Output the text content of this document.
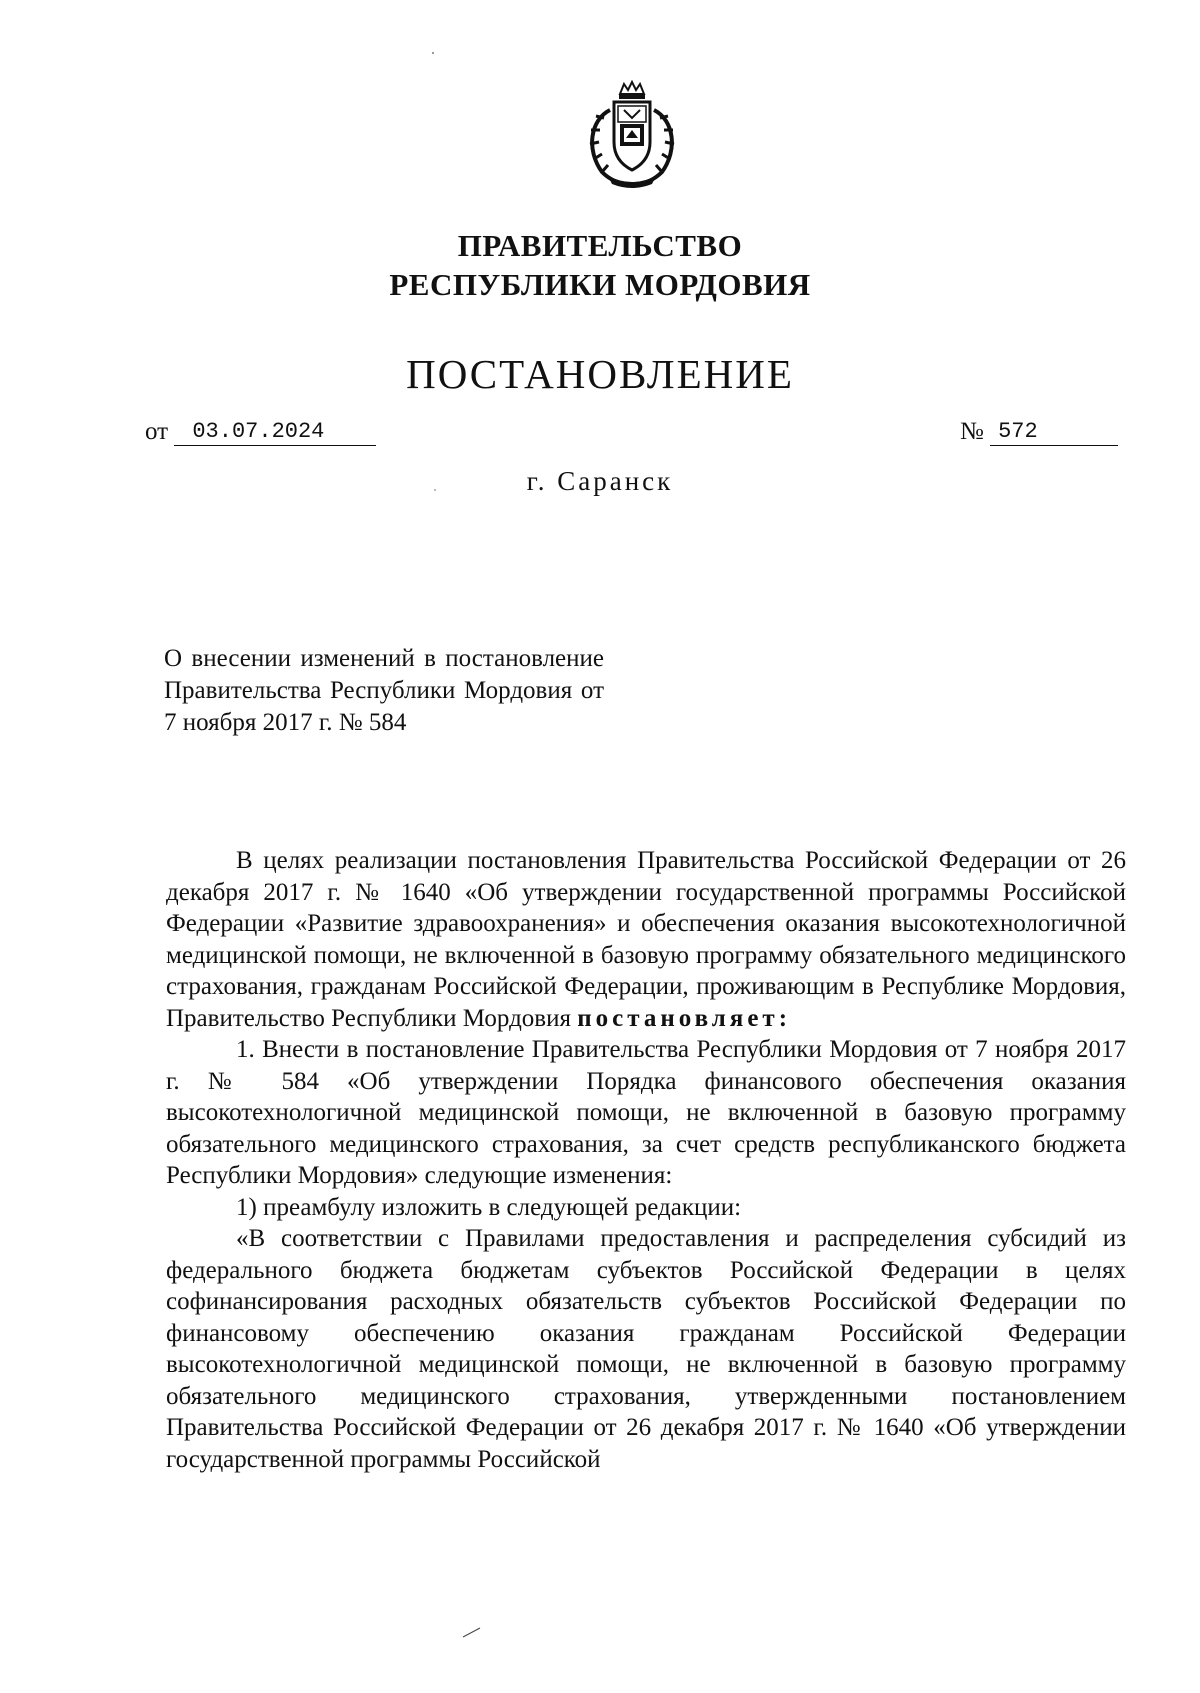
ПРАВИТЕЛЬСТВО
РЕСПУБЛИКИ МОРДОВИЯ
ПОСТАНОВЛЕНИЕ
от 03.07.2024	№ 572
г. Саранск
О внесении изменений в постановление Правительства Республики Мордовия от 7 ноября 2017 г. № 584

В целях реализации постановления Правительства Российской Федерации от 26 декабря 2017 г. № 1640 «Об утверждении государственной программы Российской Федерации «Развитие здравоохранения» и обеспечения оказания высокотехнологичной медицинской помощи, не включенной в базовую программу обязательного медицинского страхования, гражданам Российской Федерации, проживающим в Республике Мордовия, Правительство Республики Мордовия постановляет:

1. Внести в постановление Правительства Республики Мордовия от 7 ноября 2017 г. № 584 «Об утверждении Порядка финансового обеспечения оказания высокотехнологичной медицинской помощи, не включенной в базовую программу обязательного медицинского страхования, за счет средств республиканского бюджета Республики Мордовия» следующие изменения:

1) преамбулу изложить в следующей редакции:

«В соответствии с Правилами предоставления и распределения субсидий из федерального бюджета бюджетам субъектов Российской Федерации в целях софинансирования расходных обязательств субъектов Российской Федерации по финансовому обеспечению оказания гражданам Российской Федерации высокотехнологичной медицинской помощи, не включенной в базовую программу обязательного медицинского страхования, утвержденными постановлением Правительства Российской Федерации от 26 декабря 2017 г. № 1640 «Об утверждении государственной программы Российской
